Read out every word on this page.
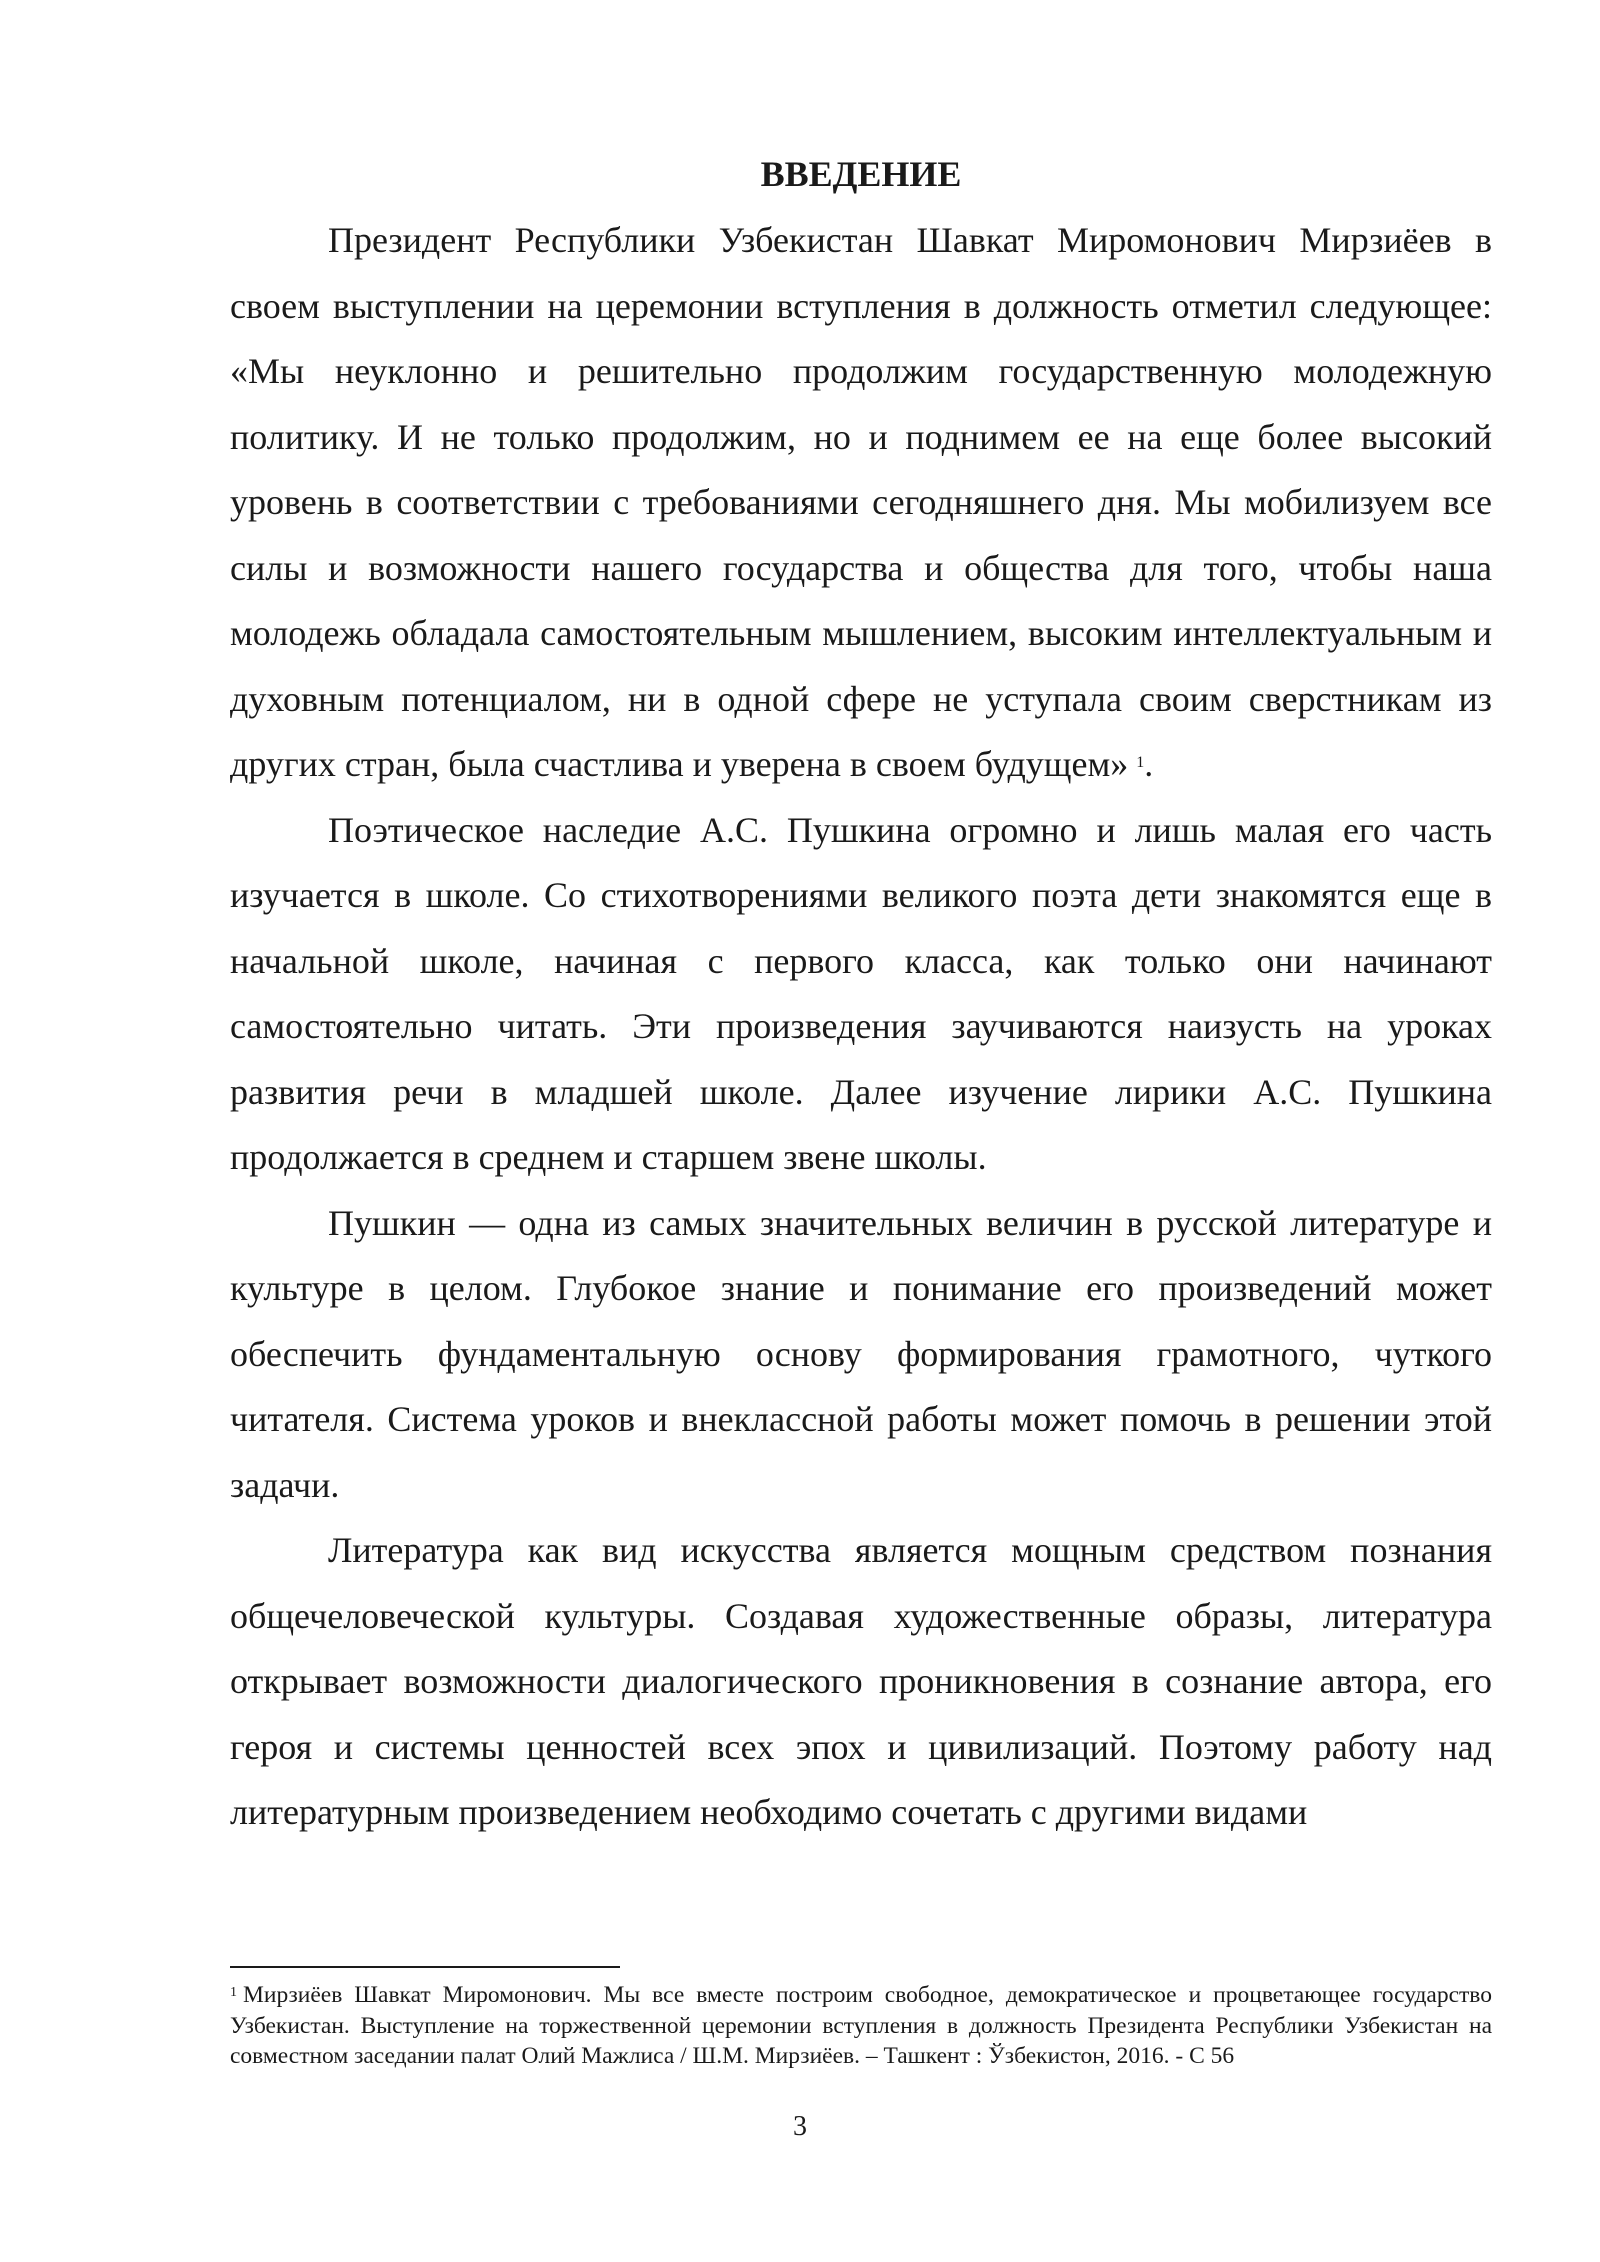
ВВЕДЕНИЕ

Президент Республики Узбекистан Шавкат Миромонович Мирзиёев в своем выступлении на церемонии вступления в должность отметил следующее: «Мы неуклонно и решительно продолжим государственную молодежную политику. И не только продолжим, но и поднимем ее на еще более высокий уровень в соответствии с требованиями сегодняшнего дня. Мы мобилизуем все силы и возможности нашего государства и общества для того, чтобы наша молодежь обладала самостоятельным мышлением, высоким интеллектуальным и духовным потенциалом, ни в одной сфере не уступала своим сверстникам из других стран, была счастлива и уверена в своем будущем» $^1$.

Поэтическое наследие А.С. Пушкина огромно и лишь малая его часть изучается в школе. Со стихотворениями великого поэта дети знакомятся еще в начальной школе, начиная с первого класса, как только они начинают самостоятельно читать. Эти произведения заучиваются наизусть на уроках развития речи в младшей школе. Далее изучение лирики А.С. Пушкина продолжается в среднем и старшем звене школы.

Пушкин — одна из самых значительных величин в русской литературе и культуре в целом. Глубокое знание и понимание его произведений может обеспечить фундаментальную основу формирования грамотного, чуткого читателя. Система уроков и внеклассной работы может помочь в решении этой задачи.

Литература как вид искусства является мощным средством познания общечеловеческой культуры. Создавая художественные образы, литература открывает возможности диалогического проникновения в сознание автора, его героя и системы ценностей всех эпох и цивилизаций. Поэтому работу над литературным произведением необходимо сочетать с другими видами

$^1$ Мирзиёев Шавкат Миромонович. Мы все вместе построим свободное, демократическое и процветающее государство Узбекистан. Выступление на торжественной церемонии вступления в должность Президента Республики Узбекистан на совместном заседании палат Олий Мажлиса / Ш.М. Мирзиёев. – Ташкент : Ўзбекистон, 2016. - С 56

3
